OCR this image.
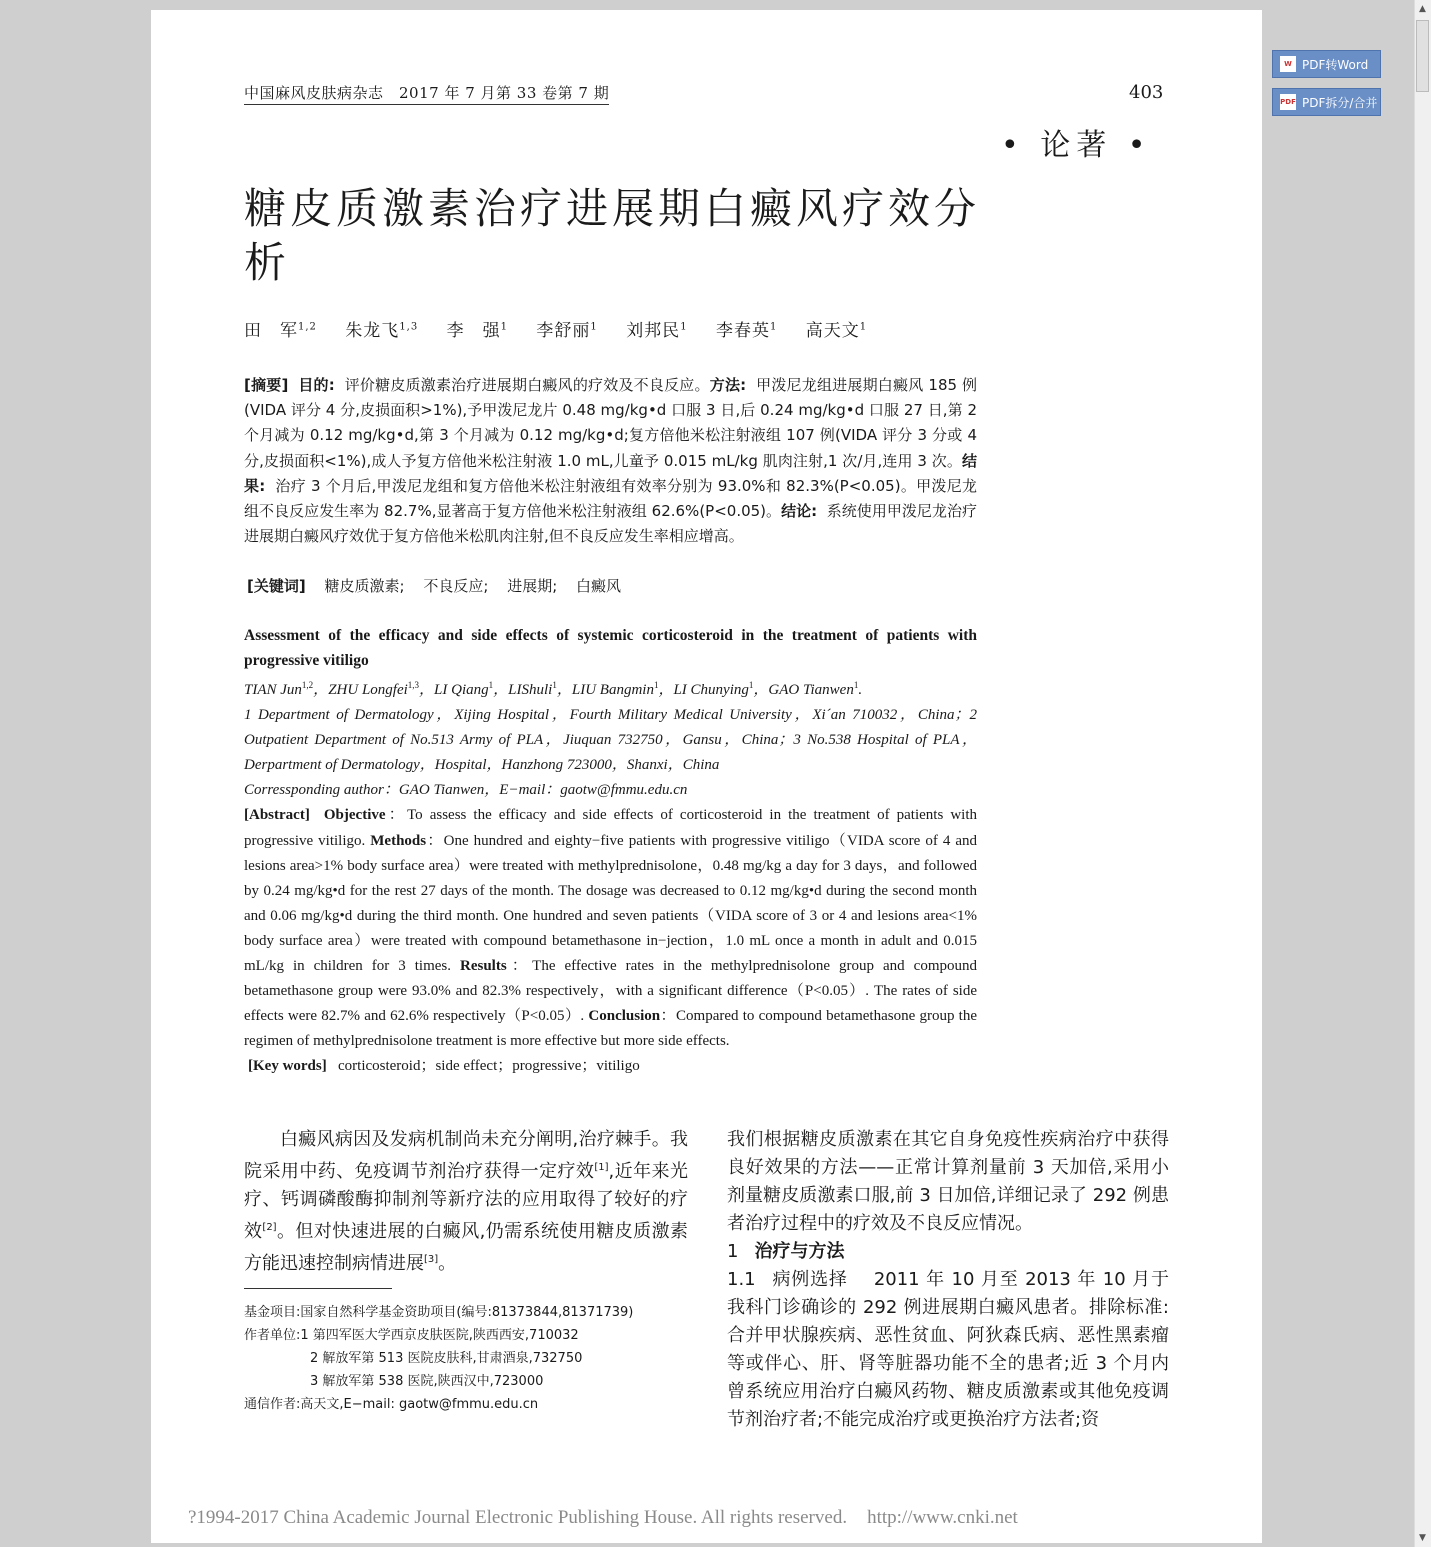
中国麻风皮肤病杂志　2017 年 7 月第 33 卷第 7 期	403
• 论著 •
糖皮质激素治疗进展期白癜风疗效分析
田　军$^{1,2}$ 朱龙飞$^{1,3}$ 李　强$^1$ 李舒丽$^1$ 刘邦民$^1$ 李春英$^1$ 高天文$^1$
[摘要] 目的: 评价糖皮质激素治疗进展期白癜风的疗效及不良反应。方法: 甲泼尼龙组进展期白癜风 185 例(VIDA 评分 4 分,皮损面积>1%),予甲泼尼龙片 0.48 mg/kg•d 口服 3 日,后 0.24 mg/kg•d 口服 27 日,第 2 个月减为 0.12 mg/kg•d,第 3 个月减为 0.12 mg/kg•d;复方倍他米松注射液组 107 例(VIDA 评分 3 分或 4 分,皮损面积<1%),成人予复方倍他米松注射液 1.0 mL,儿童予 0.015 mL/kg 肌肉注射,1 次/月,连用 3 次。结果: 治疗 3 个月后,甲泼尼龙组和复方倍他米松注射液组有效率分别为 93.0%和 82.3%(P<0.05)。甲泼尼龙组不良反应发生率为 82.7%,显著高于复方倍他米松注射液组 62.6%(P<0.05)。结论: 系统使用甲泼尼龙治疗进展期白癜风疗效优于复方倍他米松肌肉注射,但不良反应发生率相应增高。
[关键词] 糖皮质激素; 不良反应; 进展期; 白癜风

Assessment of the efficacy and side effects of systemic corticosteroid in the treatment of patients with progressive vitiligo

TIAN Jun$^{1,2}$，ZHU Longfei$^{1,3}$，LI Qiang$^1$，LIShuli$^1$，LIU Bangmin$^1$，LI Chunying$^1$，GAO Tianwen$^1$.
1 Department of Dermatology，Xijing Hospital，Fourth Military Medical University，Xi´an 710032，China；2 Outpatient Department of No.513 Army of PLA，Jiuquan 732750，Gansu，China；3 No.538 Hospital of PLA，Derpartment of Dermatology，Hospital，Hanzhong 723000，Shanxi，China
Corressponding author：GAO Tianwen，E−mail：gaotw@fmmu.edu.cn
[Abstract] Objective：To assess the efficacy and side effects of corticosteroid in the treatment of patients with progressive vitiligo. Methods：One hundred and eighty−five patients with progressive vitiligo（VIDA score of 4 and lesions area>1% body surface area）were treated with methylprednisolone，0.48 mg/kg a day for 3 days，and followed by 0.24 mg/kg•d for the rest 27 days of the month. The dosage was decreased to 0.12 mg/kg•d during the second month and 0.06 mg/kg•d during the third month. One hundred and seven patients（VIDA score of 3 or 4 and lesions area<1% body surface area）were treated with compound betamethasone in−jection，1.0 mL once a month in adult and 0.015 mL/kg in children for 3 times. Results：The effective rates in the methylprednisolone group and compound betamethasone group were 93.0% and 82.3% respectively，with a significant difference（P<0.05）. The rates of side effects were 82.7% and 62.6% respectively（P<0.05）. Conclusion：Compared to compound betamethasone group the regimen of methylprednisolone treatment is more effective but more side effects.
[Key words] corticosteroid；side effect；progressive；vitiligo
白癜风病因及发病机制尚未充分阐明,治疗棘手。我院采用中药、免疫调节剂治疗获得一定疗效[1],近年来光疗、钙调磷酸酶抑制剂等新疗法的应用取得了较好的疗效[2]。但对快速进展的白癜风,仍需系统使用糖皮质激素方能迅速控制病情进展[3]。
基金项目:国家自然科学基金资助项目(编号:81373844,81371739)
作者单位:1 第四军医大学西京皮肤医院,陕西西安,710032
2 解放军第 513 医院皮肤科,甘肃酒泉,732750
3 解放军第 538 医院,陕西汉中,723000
通信作者:高天文,E−mail: gaotw@fmmu.edu.cn
我们根据糖皮质激素在其它自身免疫性疾病治疗中获得良好效果的方法——正常计算剂量前 3 天加倍,采用小剂量糖皮质激素口服,前 3 日加倍,详细记录了 292 例患者治疗过程中的疗效及不良反应情况。
1 治疗与方法
1.1 病例选择 2011 年 10 月至 2013 年 10 月于我科门诊确诊的 292 例进展期白癜风患者。排除标准:合并甲状腺疾病、恶性贫血、阿狄森氏病、恶性黑素瘤等或伴心、肝、肾等脏器功能不全的患者;近 3 个月内曾系统应用治疗白癜风药物、糖皮质激素或其他免疫调节剂治疗者;不能完成治疗或更换治疗方法者;资
?1994-2017 China Academic Journal Electronic Publishing House. All rights reserved. http://www.cnki.net
W PDF转Word
PDF PDF拆分/合并
▲
▼
